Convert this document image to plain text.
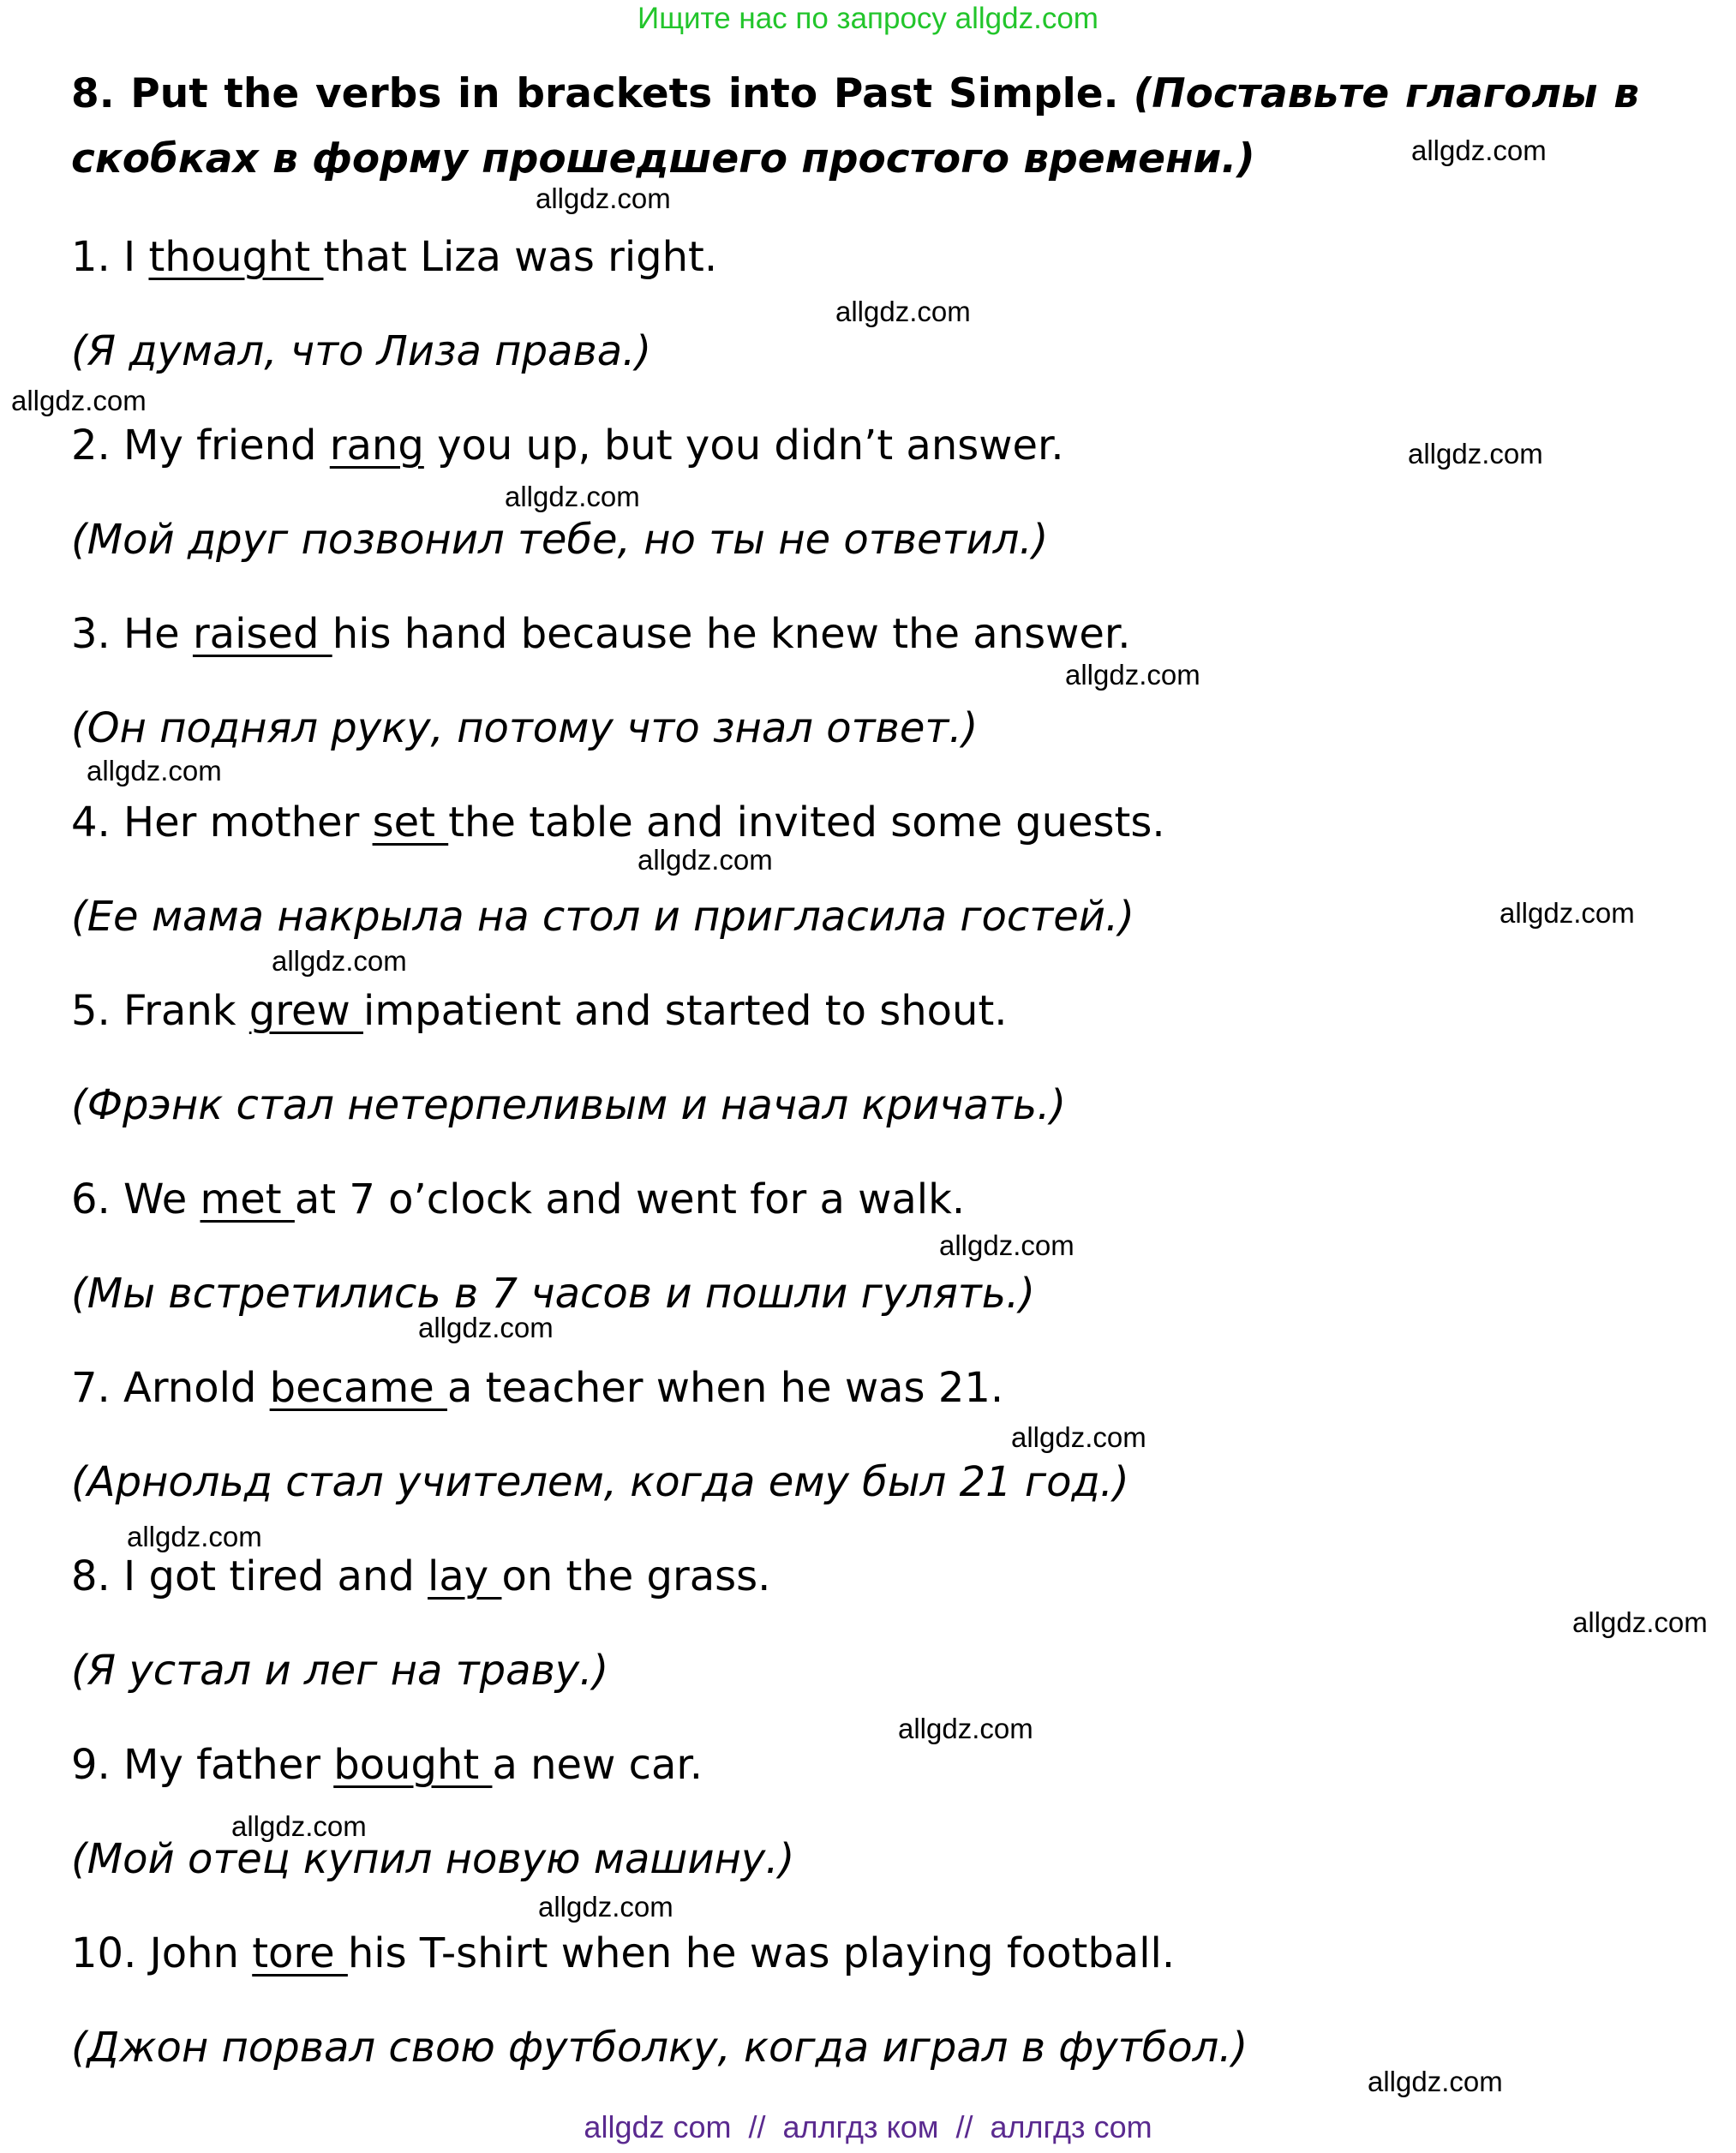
Ищите нас по запросу allgdz.com
8. Put the verbs in brackets into Past Simple. (Поставьте глаголы в скобках в форму прошедшего простого времени.)
1. I thought that Liza was right.
(Я думал, что Лиза права.)
2. My friend rang you up, but you didn’t answer.
(Мой друг позвонил тебе, но ты не ответил.)
3. He raised his hand because he knew the answer.
(Он поднял руку, потому что знал ответ.)
4. Her mother set the table and invited some guests.
(Ее мама накрыла на стол и пригласила гостей.)
5. Frank grew impatient and started to shout.
(Фрэнк стал нетерпеливым и начал кричать.)
6. We met at 7 o’clock and went for a walk.
(Мы встретились в 7 часов и пошли гулять.)
7. Arnold became a teacher when he was 21.
(Арнольд стал учителем, когда ему был 21 год.)
8. I got tired and lay on the grass.
(Я устал и лег на траву.)
9. My father bought a new car.
(Мой отец купил новую машину.)
10. John tore his T-shirt when he was playing football.
(Джон порвал свою футболку, когда играл в футбол.)
allgdz.com
allgdz.com
allgdz.com
allgdz.com
allgdz.com
allgdz.com
allgdz.com
allgdz.com
allgdz.com
allgdz.com
allgdz.com
allgdz.com
allgdz.com
allgdz.com
allgdz.com
allgdz.com
allgdz.com
allgdz.com
allgdz.com
allgdz.com
allgdz com  //  аллгдз ком  //  аллгдз com
